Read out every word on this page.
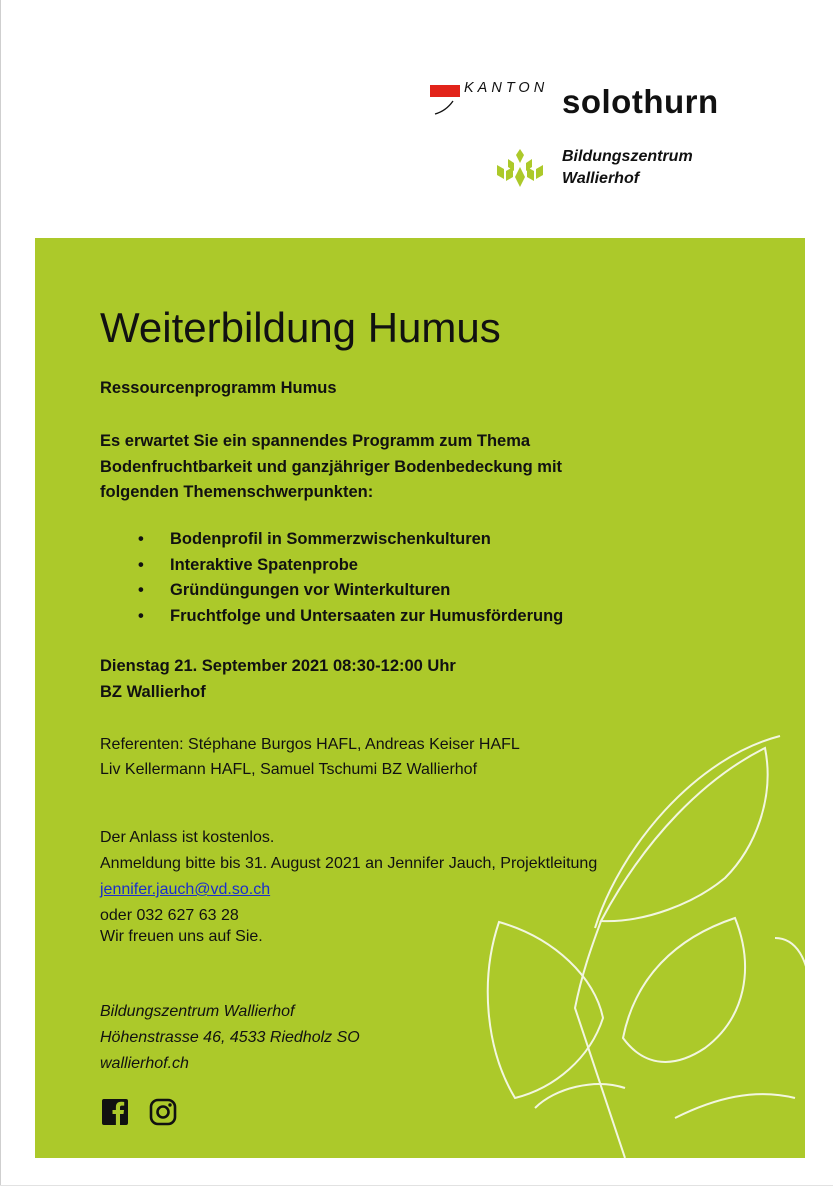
KANTON solothurn
Bildungszentrum
Wallierhof
Weiterbildung Humus
Ressourcenprogramm Humus
Es erwartet Sie ein spannendes Programm zum Thema
Bodenfruchtbarkeit und ganzjähriger Bodenbedeckung mit
folgenden Themenschwerpunkten:
• Bodenprofil in Sommerzwischenkulturen
• Interaktive Spatenprobe
• Gründüngungen vor Winterkulturen
• Fruchtfolge und Untersaaten zur Humusförderung
Dienstag 21. September 2021 08:30-12:00 Uhr
BZ Wallierhof
Referenten: Stéphane Burgos HAFL, Andreas Keiser HAFL
Liv Kellermann HAFL, Samuel Tschumi BZ Wallierhof
Der Anlass ist kostenlos.
Anmeldung bitte bis 31. August 2021 an Jennifer Jauch, Projektleitung
jennifer.jauch@vd.so.ch
oder 032 627 63 28
Wir freuen uns auf Sie.
Bildungszentrum Wallierhof
Höhenstrasse 46, 4533 Riedholz SO
wallierhof.ch
